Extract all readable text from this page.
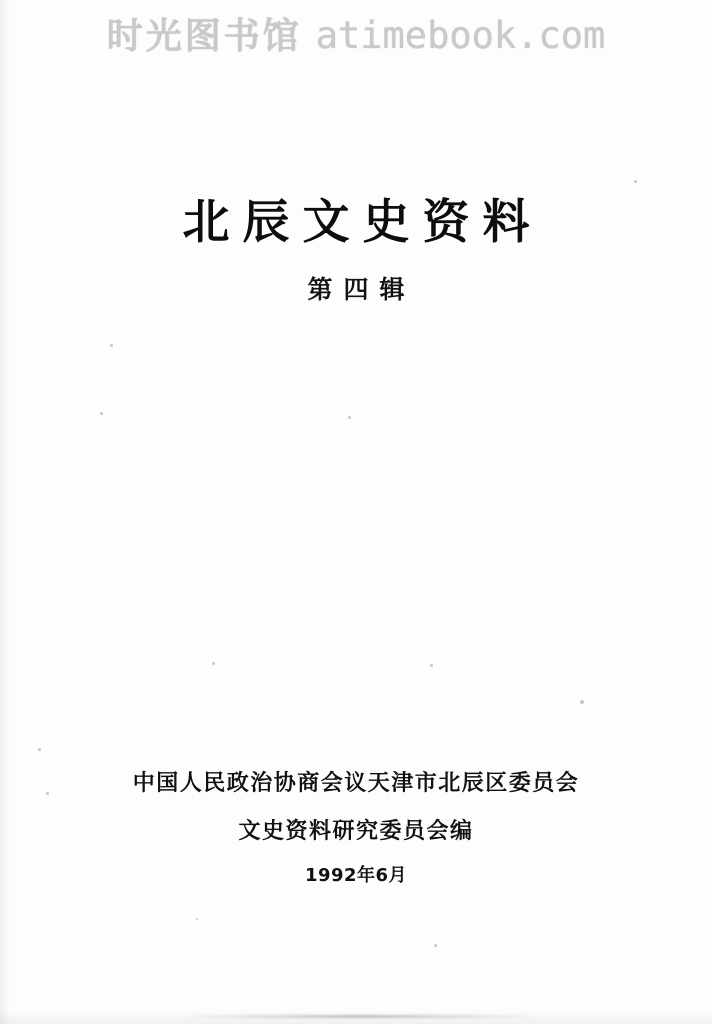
时光图书馆 atimebook.com
北辰文史资料
第四辑
中国人民政治协商会议天津市北辰区委员会
文史资料研究委员会编
1992年6月
